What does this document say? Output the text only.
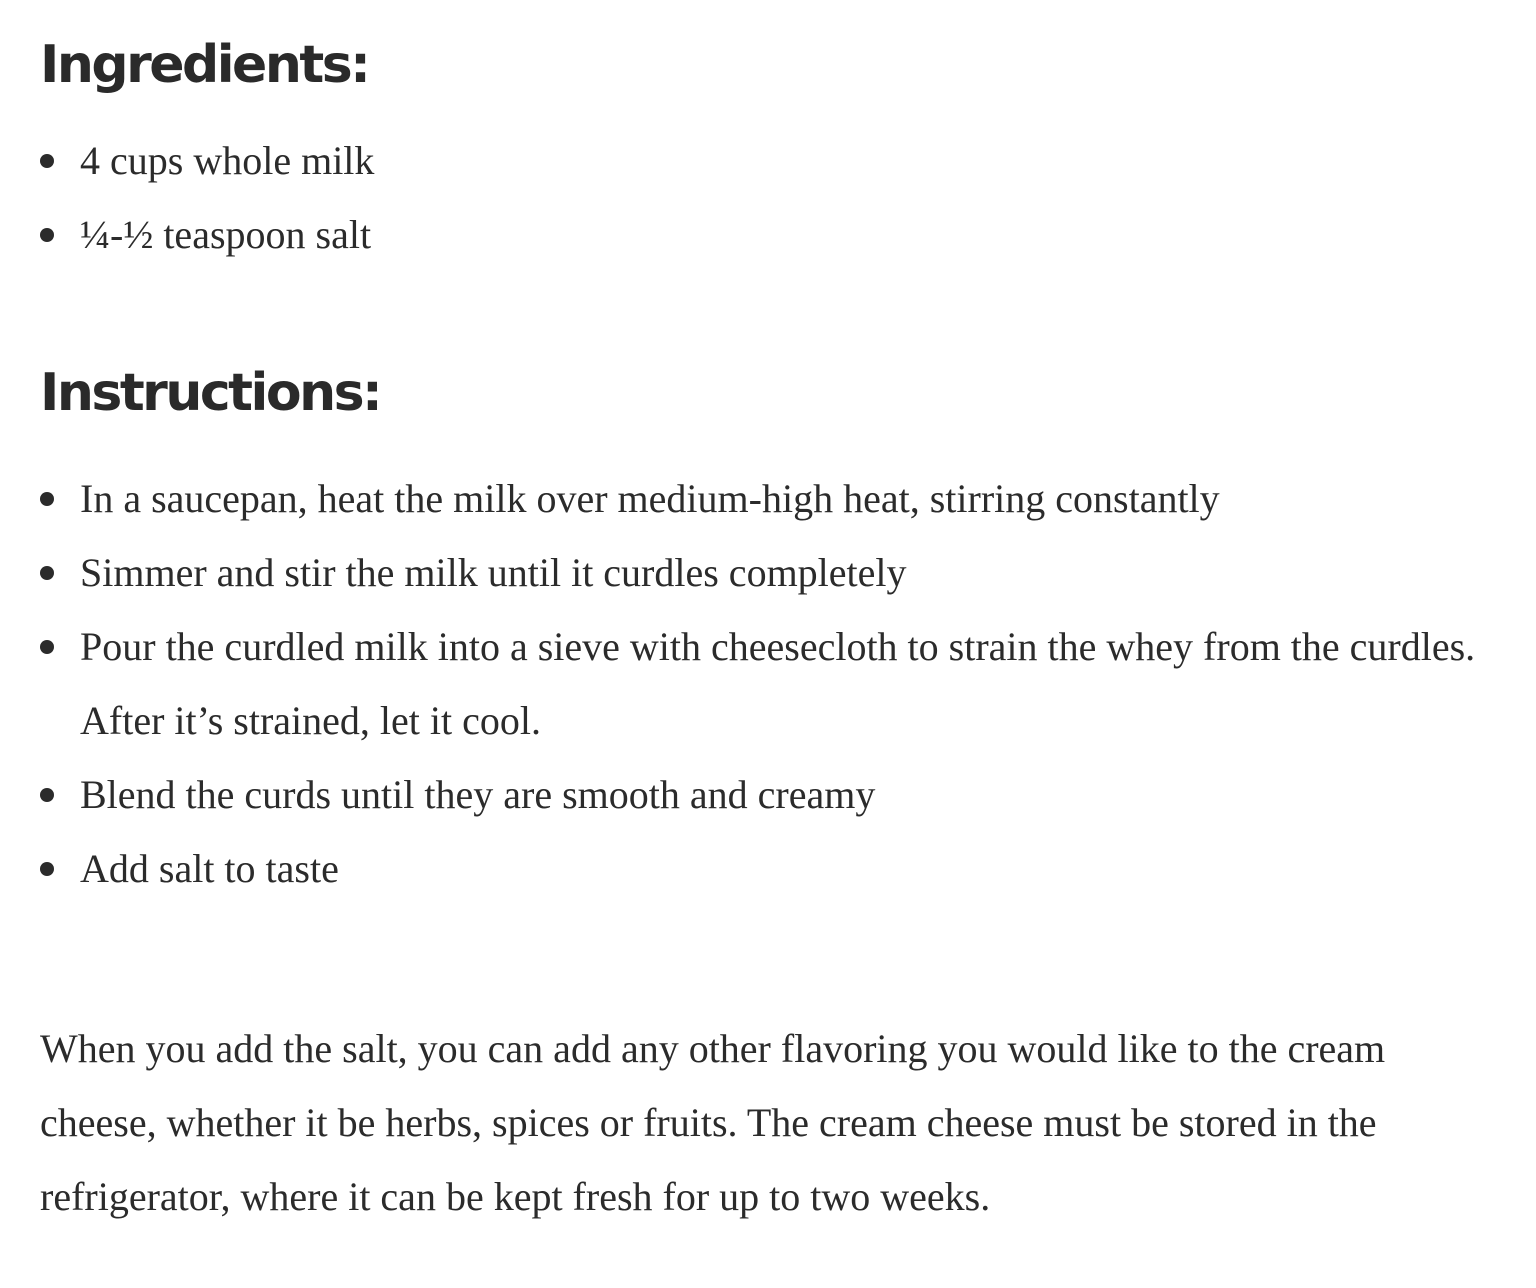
Ingredients:
4 cups whole milk
¼-½ teaspoon salt
Instructions:
In a saucepan, heat the milk over medium-high heat, stirring constantly
Simmer and stir the milk until it curdles completely
Pour the curdled milk into a sieve with cheesecloth to strain the whey from the curdles. After it’s strained, let it cool.
Blend the curds until they are smooth and creamy
Add salt to taste

When you add the salt, you can add any other flavoring you would like to the cream cheese, whether it be herbs, spices or fruits. The cream cheese must be stored in the refrigerator, where it can be kept fresh for up to two weeks.
